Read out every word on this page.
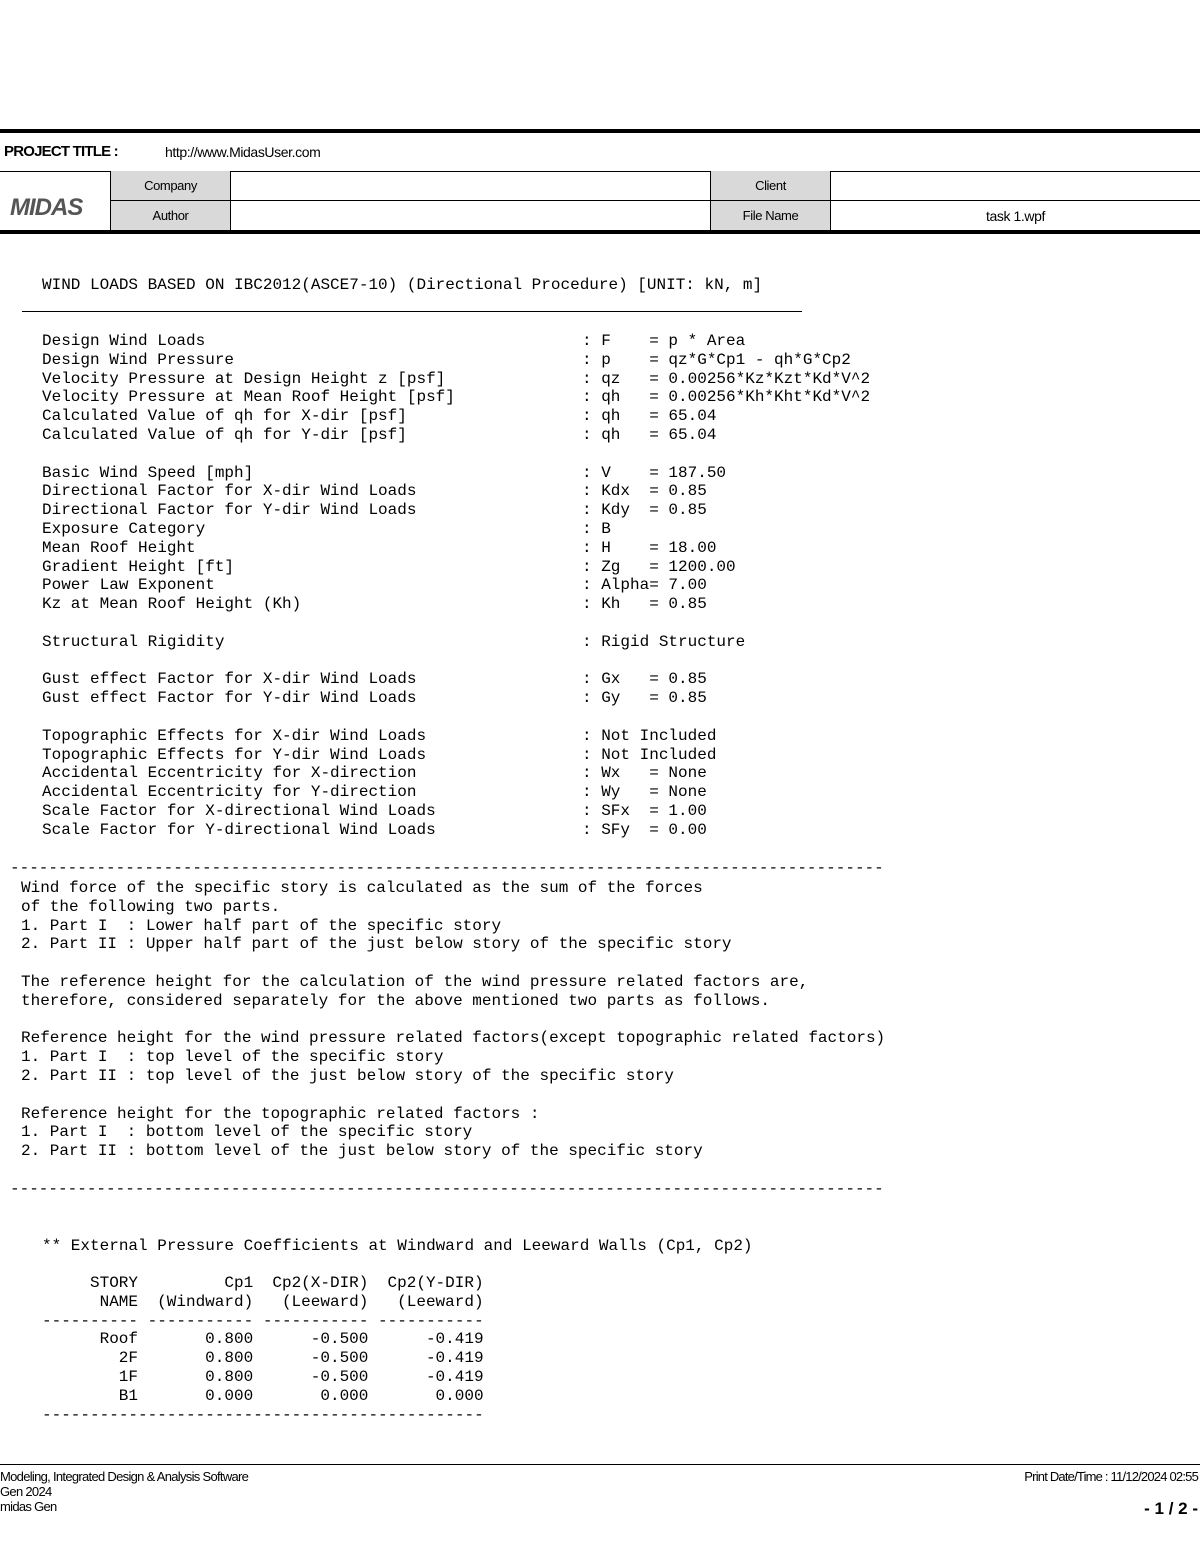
PROJECT TITLE :	http://www.MidasUser.com
Company	Client
Author	File Name	task 1.wpf
MIDAS
WIND LOADS BASED ON IBC2012(ASCE7-10) (Directional Procedure) [UNIT: kN, m]
Design Wind Loads	: F    = p * Area
Design Wind Pressure	: p    = qz*G*Cp1 - qh*G*Cp2
Velocity Pressure at Design Height z [psf]	: qz   = 0.00256*Kz*Kzt*Kd*V^2
Velocity Pressure at Mean Roof Height [psf]	: qh   = 0.00256*Kh*Kht*Kd*V^2
Calculated Value of qh for X-dir [psf]	: qh   = 65.04
Calculated Value of qh for Y-dir [psf]	: qh   = 65.04
Basic Wind Speed [mph]	: V    = 187.50
Directional Factor for X-dir Wind Loads	: Kdx  = 0.85
Directional Factor for Y-dir Wind Loads	: Kdy  = 0.85
Exposure Category	: B
Mean Roof Height	: H    = 18.00
Gradient Height [ft]	: Zg   = 1200.00
Power Law Exponent	: Alpha= 7.00
Kz at Mean Roof Height (Kh)	: Kh   = 0.85
Structural Rigidity	: Rigid Structure
Gust effect Factor for X-dir Wind Loads	: Gx   = 0.85
Gust effect Factor for Y-dir Wind Loads	: Gy   = 0.85
Topographic Effects for X-dir Wind Loads	: Not Included
Topographic Effects for Y-dir Wind Loads	: Not Included
Accidental Eccentricity for X-direction	: Wx   = None
Accidental Eccentricity for Y-direction	: Wy   = None
Scale Factor for X-directional Wind Loads	: SFx  = 1.00
Scale Factor for Y-directional Wind Loads	: SFy  = 0.00
-------------------------------------------------------------------------------------------
Wind force of the specific story is calculated as the sum of the forces
of the following two parts.
1. Part I  : Lower half part of the specific story
2. Part II : Upper half part of the just below story of the specific story
The reference height for the calculation of the wind pressure related factors are,
therefore, considered separately for the above mentioned two parts as follows.
Reference height for the wind pressure related factors(except topographic related factors)
1. Part I  : top level of the specific story
2. Part II : top level of the just below story of the specific story
Reference height for the topographic related factors :
1. Part I  : bottom level of the specific story
2. Part II : bottom level of the just below story of the specific story
-------------------------------------------------------------------------------------------
** External Pressure Coefficients at Windward and Leeward Walls (Cp1, Cp2)
STORY	Cp1	Cp2(X-DIR)	Cp2(Y-DIR)
NAME	(Windward)	(Leeward)	(Leeward)
---------- ----------- ----------- -----------
Roof	0.800	-0.500	-0.419
2F	0.800	-0.500	-0.419
1F	0.800	-0.500	-0.419
B1	0.000	0.000	0.000
----------------------------------------------
Modeling, Integrated Design & Analysis Software
Gen 2024
midas Gen
Print Date/Time : 11/12/2024 02:55
- 1 / 2 -
